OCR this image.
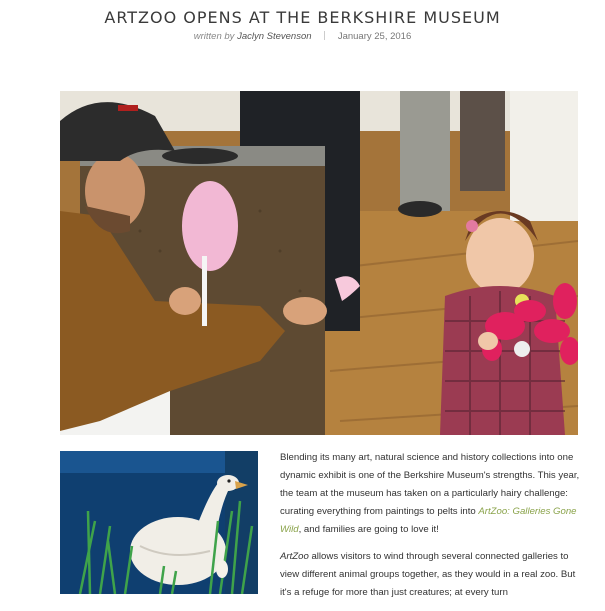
ARTZOO OPENS AT THE BERKSHIRE MUSEUM
written by Jaclyn Stevenson	January 25, 2016

Blending its many art, natural science and history collections into one dynamic exhibit is one of the Berkshire Museum's strengths. This year, the team at the museum has taken on a particularly hairy challenge: curating everything from paintings to pelts into ArtZoo: Galleries Gone Wild, and families are going to love it!

ArtZoo allows visitors to wind through several connected galleries to view different animal groups together, as they would in a real zoo. But it's a refuge for more than just creatures; at every turn
